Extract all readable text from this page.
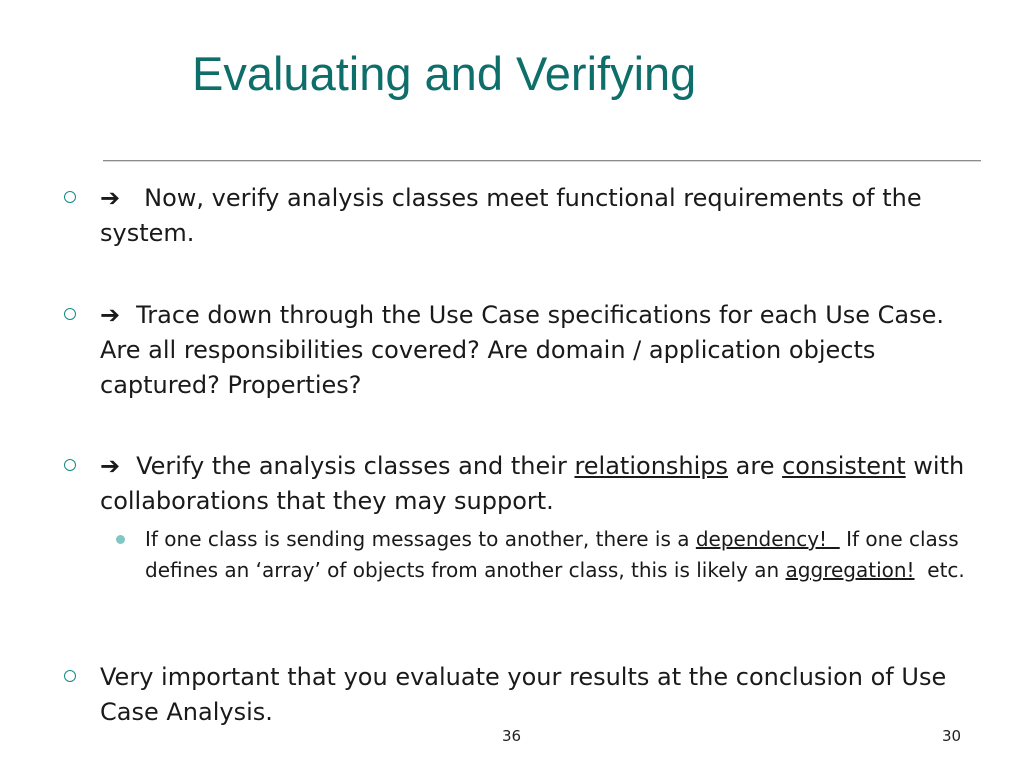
Evaluating and Verifying

➔ Now, verify analysis classes meet functional requirements of the system.

➔ Trace down through the Use Case specifications for each Use Case. Are all responsibilities covered? Are domain / application objects captured? Properties?

➔ Verify the analysis classes and their relationships are consistent with collaborations that they may support.

If one class is sending messages to another, there is a dependency!   If one class defines an ‘array’ of objects from another class, this is likely an aggregation!  etc.

Very important that you evaluate your results at the conclusion of Use Case Analysis.

36	30
